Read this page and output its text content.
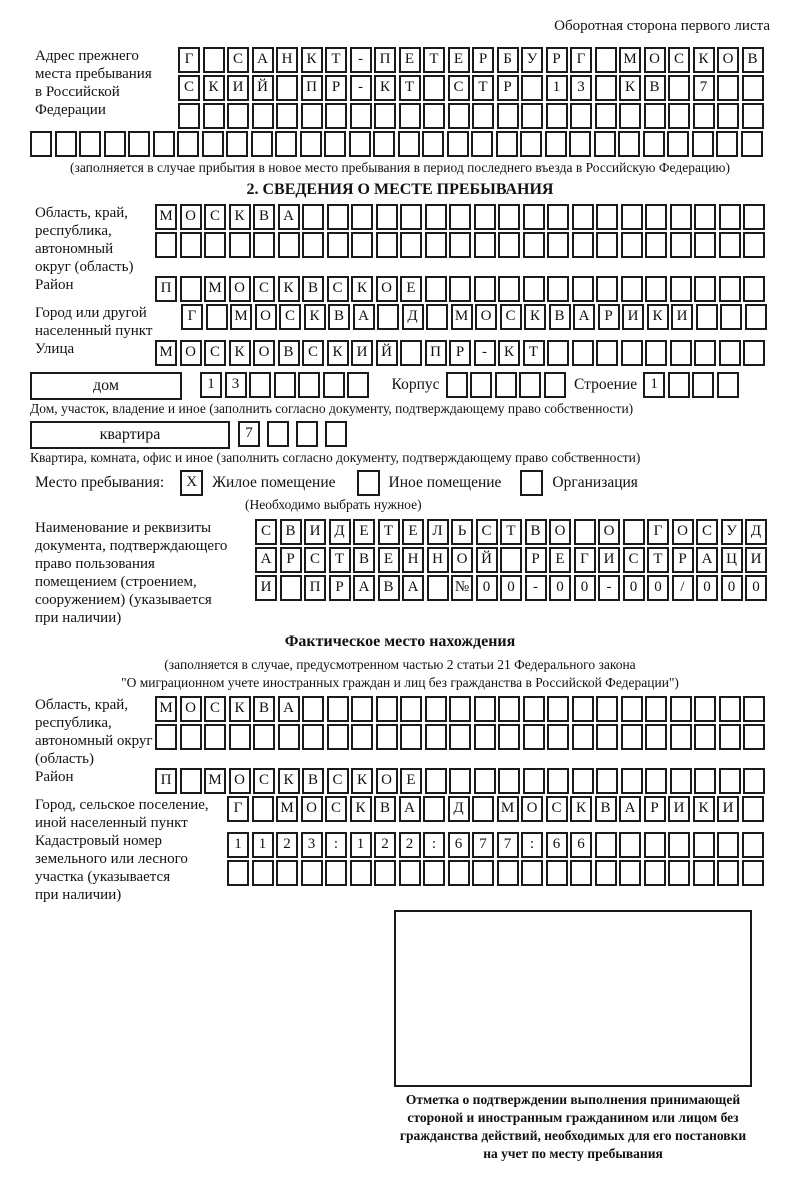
Оборотная сторона первого листа
Адрес прежнего
места пребывания
в Российской
Федерации
Г	С А Н К Т - П Е Т Е Р Б У Р Г	М О С К О В
С К И Й	П Р - К Т	С Т Р	1 3	К В	7
(заполняется в случае прибытия в новое место пребывания в период последнего въезда в Российскую Федерацию)
2. СВЕДЕНИЯ О МЕСТЕ ПРЕБЫВАНИЯ
Область, край,
республика,
автономный
округ (область)
М О С К В А
Район	П М О С К В С К О Е
Город или другой
населенный пункт
Г	М О С К В А	Д М О С К В А Р И К И
Улица	М О С К О В С К И Й	П Р - К Т
дом	1 3	Корпус	Строение 1
Дом, участок, владение и иное (заполнить согласно документу, подтверждающему право собственности)
квартира	7
Квартира, комната, офис и иное (заполнить согласно документу, подтверждающему право собственности)
Место пребывания:	X Жилое помещение	Иное помещение	Организация
(Необходимо выбрать нужное)
Наименование и реквизиты
документа, подтверждающего
право пользования
помещением (строением,
сооружением) (указывается
при наличии)
С В И Д Е Т Е Л Ь С Т В О	О	Г О С У Д
А Р С Т В Е Н Н О Й	Р Е Г И С Т Р А Ц И
И	П Р А В А № 0 0 - 0 0 - 0 0 / 0 0 0
Фактическое место нахождения
(заполняется в случае, предусмотренном частью 2 статьи 21 Федерального закона
"О миграционном учете иностранных граждан и лиц без гражданства в Российской Федерации")
Область, край,
республика,
автономный округ
(область)
М О С К В А
Район	П М О С К В С К О Е
Город, сельское поселение,
иной населенный пункт
Г	М О С К В А	Д М О С К В А Р И К И
Кадастровый номер
земельного или лесного
участка (указывается
при наличии)
1 1 2 3 : 1 2 2 : 6 7 7 : 6 6
Отметка о подтверждении выполнения принимающей
стороной и иностранным гражданином или лицом без
гражданства действий, необходимых для его постановки
на учет по месту пребывания
